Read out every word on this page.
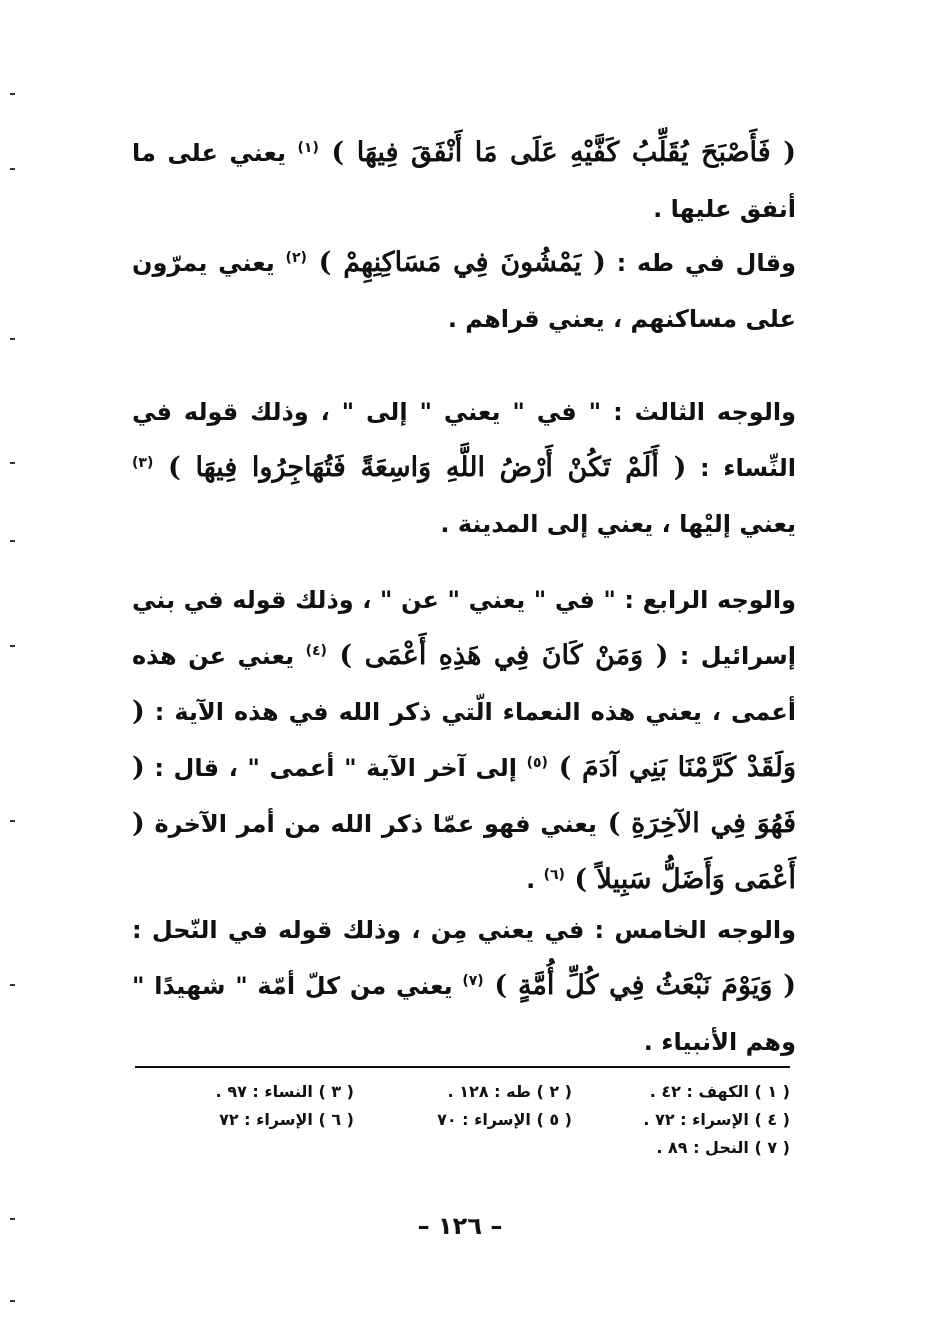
( فَأَصْبَحَ يُقَلِّبُ كَفَّيْهِ عَلَى مَا أَنْفَقَ فِيهَا ) $^{(١)}$ يعني على ما أنفق عليها .

وقال في طه : ( يَمْشُونَ فِي مَسَاكِنِهِمْ ) $^{(٢)}$ يعني يمرّون على مساكنهم ، يعني قراهم .

والوجه الثالث : " في " يعني " إلى " ، وذلك قوله في النِّساء : ( أَلَمْ تَكُنْ أَرْضُ اللَّهِ وَاسِعَةً فَتُهَاجِرُوا فِيهَا ) $^{(٣)}$ يعني إليْها ، يعني إلى المدينة .

والوجه الرابع : " في " يعني " عن " ، وذلك قوله في بني إسرائيل : ( وَمَنْ كَانَ فِي هَذِهِ أَعْمَى ) $^{(٤)}$ يعني عن هذه أعمى ، يعني هذه النعماء الّتي ذكر الله في هذه الآية : ( وَلَقَدْ كَرَّمْنَا بَنِي آدَمَ ) $^{(٥)}$ إلى آخر الآية " أعمى " ، قال : ( فَهُوَ فِي الآخِرَةِ ) يعني فهو عمّا ذكر الله من أمر الآخرة ( أَعْمَى وَأَضَلُّ سَبِيلاً ) $^{(٦)}$ .

والوجه الخامس : في يعني مِن ، وذلك قوله في النّحل : ( وَيَوْمَ نَبْعَثُ فِي كُلِّ أُمَّةٍ ) $^{(٧)}$ يعني من كلّ أمّة " شهيدًا " وهم الأنبياء .

( ١ ) الكهف : ٤٢ .
( ٢ ) طه : ١٢٨ .
( ٣ ) النساء : ٩٧ .
( ٤ ) الإسراء : ٧٢ .
( ٥ ) الإسراء : ٧٠
( ٦ ) الإسراء : ٧٢
( ٧ ) النحل : ٨٩ .
– ١٢٦ –
